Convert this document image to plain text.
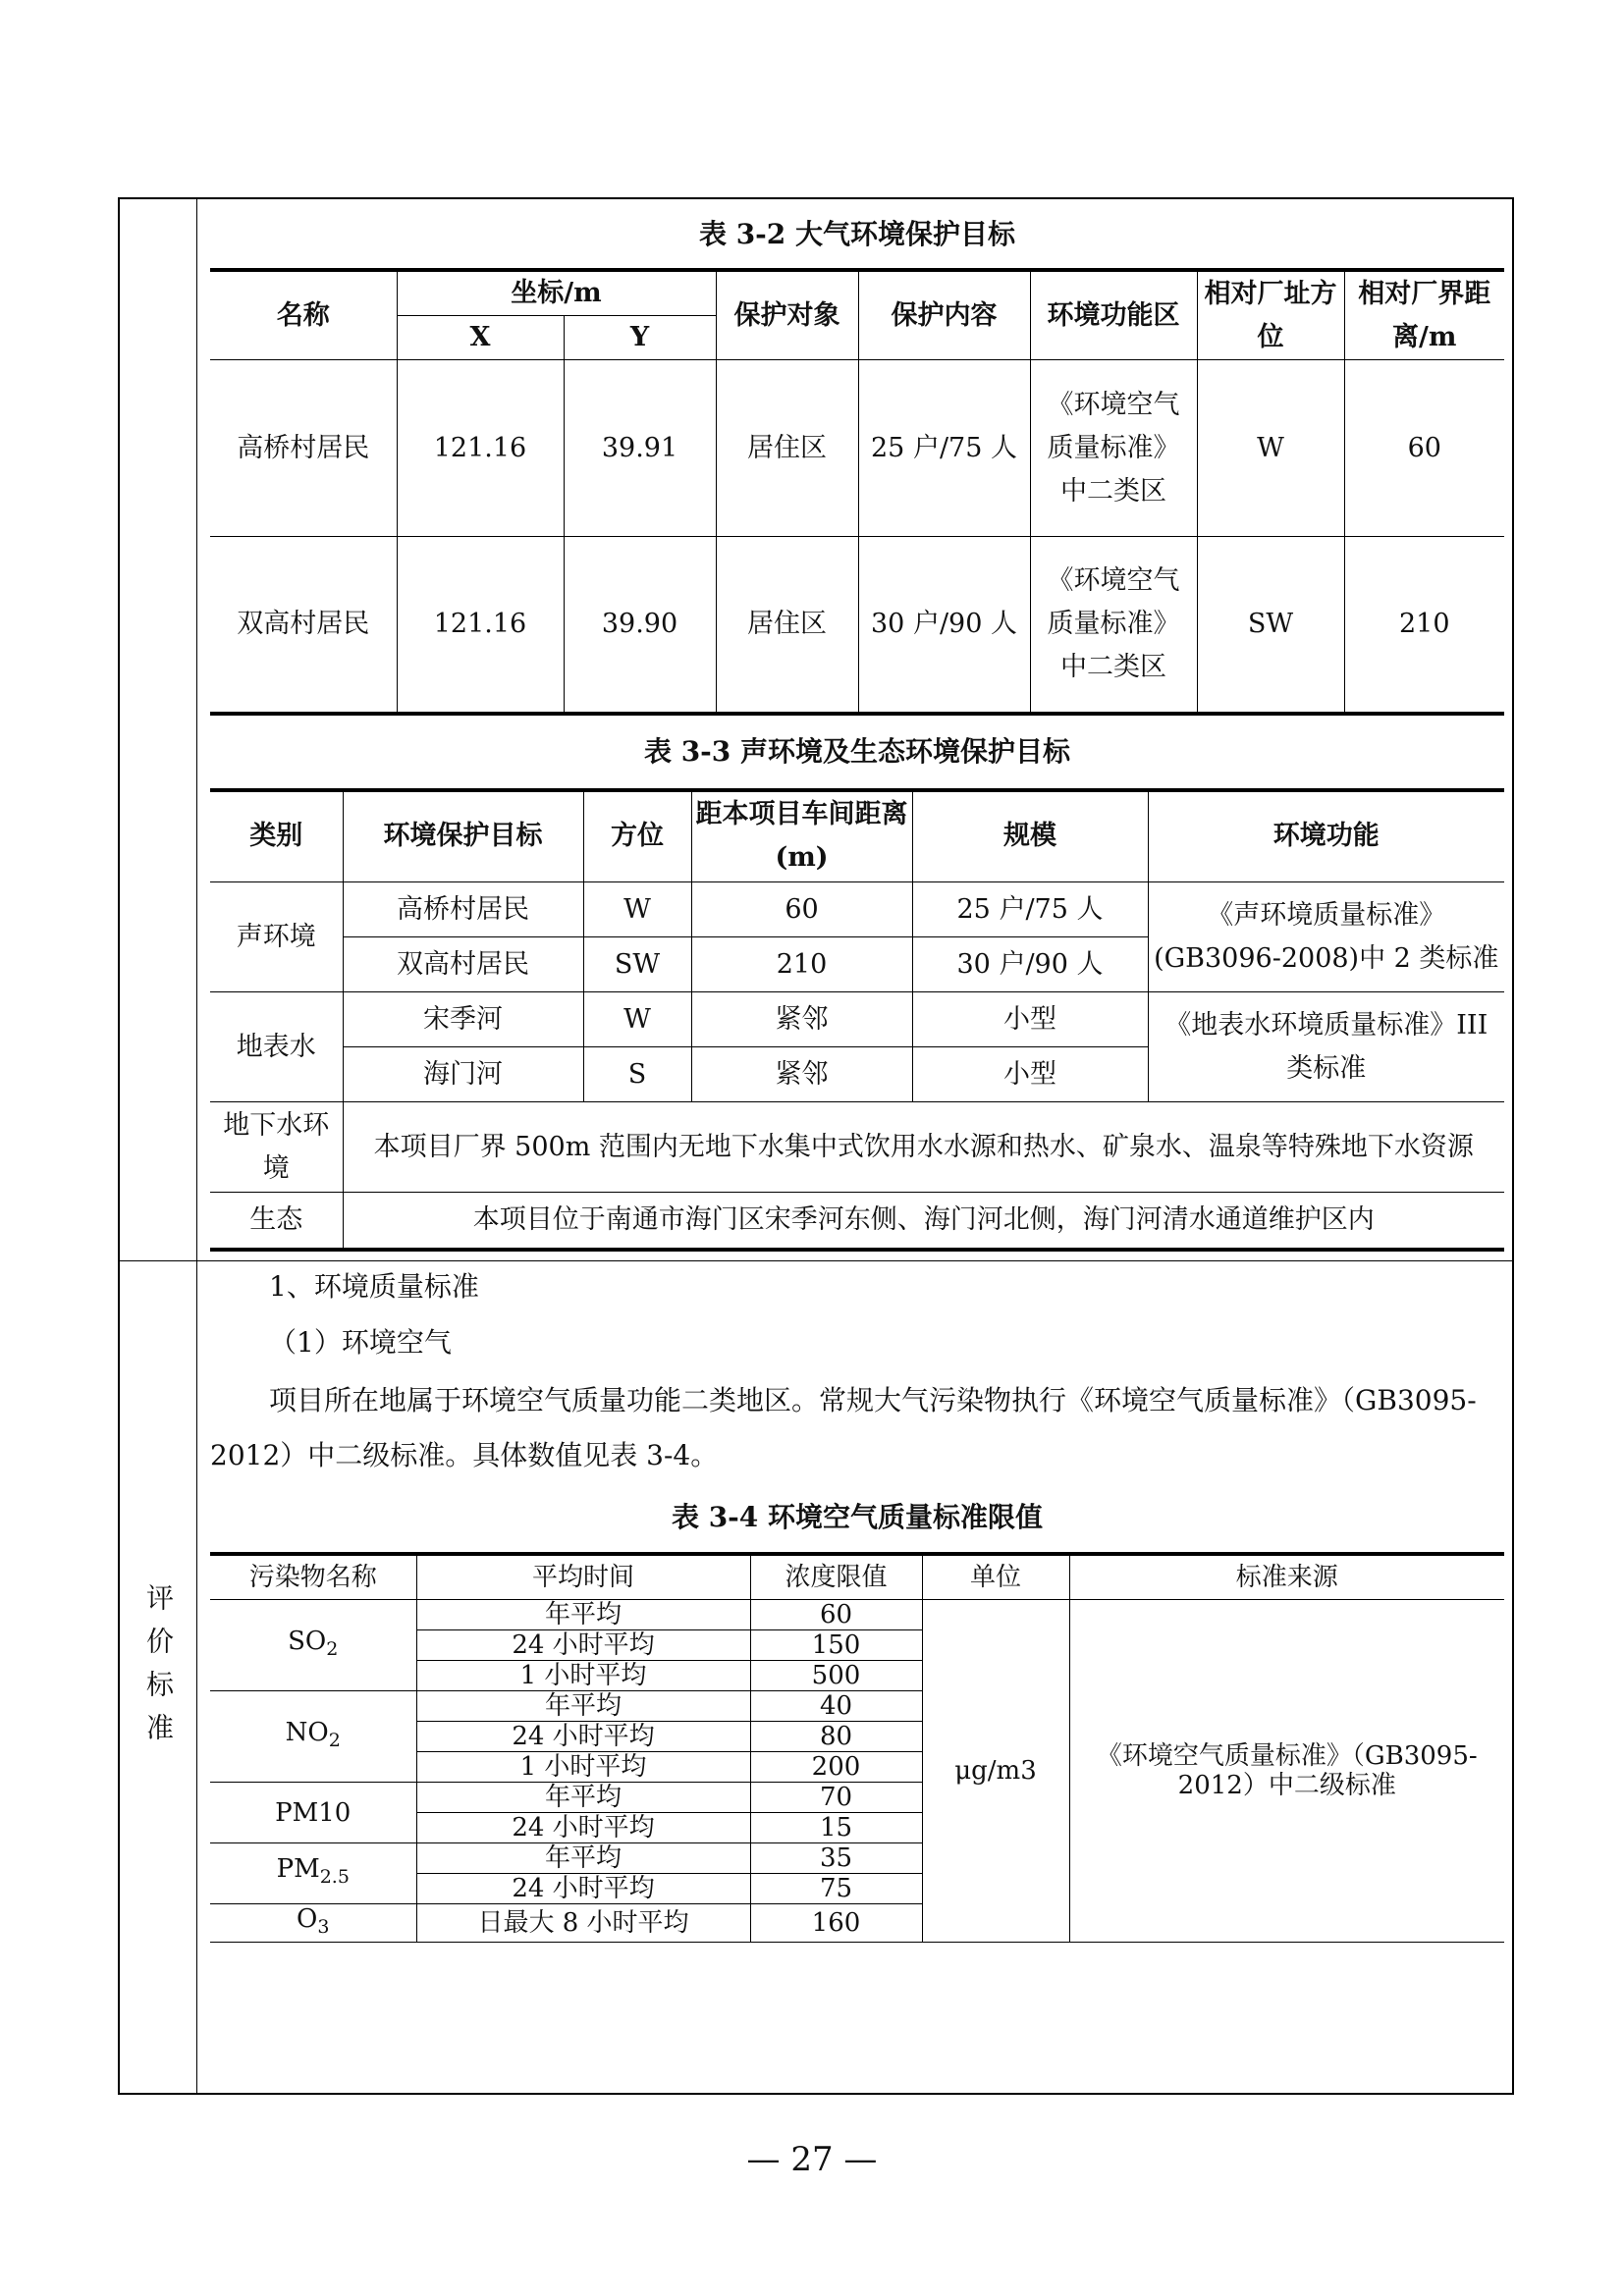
评价标准
表 3-2 大气环境保护目标
名称	坐标/m		保护对象	保护内容	环境功能区	相对厂址方位	相对厂界距离/m
	X	Y					
高桥村居民	121.16	39.91	居住区	25 户/75 人	《环境空气质量标准》中二类区	W	60
双高村居民	121.16	39.90	居住区	30 户/90 人	《环境空气质量标准》中二类区	SW	210
表 3-3 声环境及生态环境保护目标
类别	环境保护目标	方位	距本项目车间距离(m)	规模	环境功能
声环境	高桥村居民	W	60	25 户/75 人	《声环境质量标准》(GB3096-2008)中 2 类标准
	双高村居民	SW	210	30 户/90 人	
地表水	宋季河	W	紧邻	小型	《地表水环境质量标准》III类标准
	海门河	S	紧邻	小型	
地下水环境	本项目厂界 500m 范围内无地下水集中式饮用水水源和热水、矿泉水、温泉等特殊地下水资源				
生态	本项目位于南通市海门区宋季河东侧、海门河北侧，海门河清水通道维护区内				

1、环境质量标准

（1）环境空气

项目所在地属于环境空气质量功能二类地区。常规大气污染物执行《环境空气质量标准》（GB3095-2012）中二级标准。具体数值见表 3-4。

表 3-4 环境空气质量标准限值
污染物名称	平均时间	浓度限值	单位	标准来源
$SO_2$	年平均	60	μg/m3	《环境空气质量标准》（GB3095-2012）中二级标准
	24 小时平均	150		
	1 小时平均	500		
$NO_2$	年平均	40		
	24 小时平均	80		
	1 小时平均	200		
PM10	年平均	70		
	24 小时平均	15		
$PM_{2.5}$	年平均	35		
	24 小时平均	75		
$O_3$	日最大 8 小时平均	160		
— 27 —
